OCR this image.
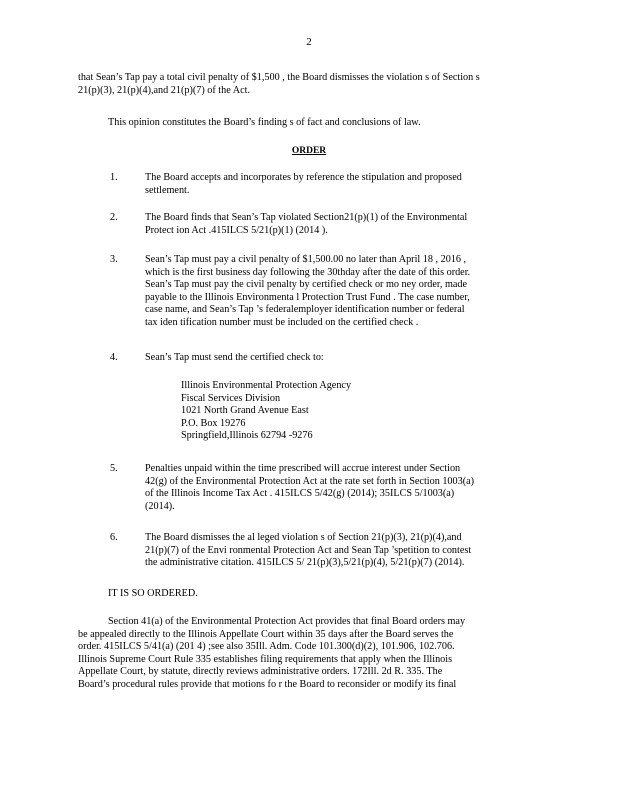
2
that Sean’s Tap pay a total civil penalty of $1,500 , the Board dismisses the violation s of Section s
21(p)(3), 21(p)(4),and 21(p)(7) of the Act.
This opinion constitutes the Board’s finding s of fact and conclusions of law.
ORDER
1.	The Board accepts and incorporates by reference the stipulation and proposed
settlement.
2.	The Board finds that Sean’s Tap violated Section21(p)(1) of the Environmental
Protect ion Act .415ILCS 5/21(p)(1) (2014 ).
3.	Sean’s Tap must pay a civil penalty of $1,500.00 no later than April 18 , 2016 ,
which is the first business day following the 30thday after the date of this order.
Sean’s Tap must pay the civil penalty by certified check or mo ney order, made
payable to the Illinois Environmenta l Protection Trust Fund . The case number,
case name, and Sean’s Tap ’s federalemployer identification number or federal
tax iden tification number must be included on the certified check .
4.	Sean’s Tap must send the certified check to:
Illinois Environmental Protection Agency
Fiscal Services Division
1021 North Grand Avenue East
P.O. Box 19276
Springfield,Illinois 62794 -9276
5.	Penalties unpaid within the time prescribed will accrue interest under Section
42(g) of the Environmental Protection Act at the rate set forth in Section 1003(a)
of the Illinois Income Tax Act . 415ILCS 5/42(g) (2014); 35ILCS 5/1003(a)
(2014).
6.	The Board dismisses the al leged violation s of Section 21(p)(3), 21(p)(4),and
21(p)(7) of the Envi ronmental Protection Act and Sean Tap ’spetition to contest
the administrative citation. 415ILCS 5/ 21(p)(3),5/21(p)(4), 5/21(p)(7) (2014).
IT IS SO ORDERED.
Section 41(a) of the Environmental Protection Act provides that final Board orders may
be appealed directly to the Illinois Appellate Court within 35 days after the Board serves the
order. 415ILCS 5/41(a) (201 4) ;see also 35Ill. Adm. Code 101.300(d)(2), 101.906, 102.706.
Illinois Supreme Court Rule 335 establishes filing requirements that apply when the Illinois
Appellate Court, by statute, directly reviews administrative orders. 172Ill. 2d R. 335. The
Board’s procedural rules provide that motions fo r the Board to reconsider or modify its final
